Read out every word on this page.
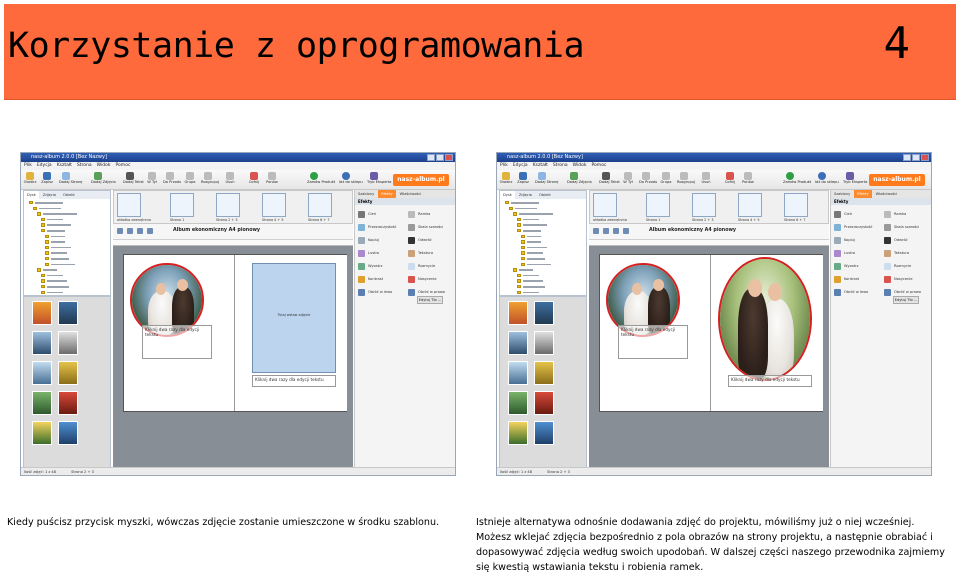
Korzystanie z oprogramowania	4
nasz-album 2.0.0 [Bez Nazwy]
Plik Edycja Kształt Strona Widok Pomoc
Otwórz	Zapisz	Dodaj Stronę Dodaj Zdjęcia Dodaj Tekst W Tył	Do Przodu Grupa	Rozgrupuj	Usuń	Cofnij	Ponów	Zamów Produkt Idź do sklepu Tryb Eksperta nasz-album.pl
Dysk	Zdjęcia	Obiekt
okładka zewnętrzna	Strona 1	Strona 2 + 3	Strona 4 + 5	Strona 6 + 7
Album ekonomiczny A4 pionowy
Kliknij dwa razy dla edycji tekstu
Tutaj wstaw zdjęcie
Kliknij dwa razy dla edycji tekstu
Szablony	Efekty	Właściwości
Efekty
Cień	Ramka
Przezroczystość	Skala szarości
Kopiuj	Odwróć
Lustro	Tekstura
Wyostrz	Rozmycie
Kontrast	Nasycenie
Obróć w lewo	Obróć w prawo
Edytuj Tło ...
Ilość zdjęć: 1 z 48	Strona 2 + 3
nasz-album 2.0.0 [Bez Nazwy]
Plik Edycja Kształt Strona Widok Pomoc
Otwórz	Zapisz	Dodaj Stronę Dodaj Zdjęcia Dodaj Tekst W Tył	Do Przodu Grupa	Rozgrupuj	Usuń	Cofnij	Ponów	Zamów Produkt Idź do sklepu Tryb Eksperta nasz-album.pl
Dysk	Zdjęcia	Obiekt
okładka zewnętrzna	Strona 1	Strona 2 + 3	Strona 4 + 5	Strona 6 + 7
Album ekonomiczny A4 pionowy
Kliknij dwa razy dla edycji tekstu
Kliknij dwa razy dla edycji tekstu
Szablony	Efekty	Właściwości
Efekty
Cień	Ramka
Przezroczystość	Skala szarości
Kopiuj	Odwróć
Lustro	Tekstura
Wyostrz	Rozmycie
Kontrast	Nasycenie
Obróć w lewo	Obróć w prawo
Edytuj Tło ...
Ilość zdjęć: 1 z 48	Strona 2 + 3
Kiedy puścisz przycisk myszki, wówczas zdjęcie zostanie umieszczone w środku szablonu.	Istnieje alternatywa odnośnie dodawania zdjęć do projektu, mówiliśmy już o niej wcześniej.
Możesz wklejać zdjęcia bezpośrednio z pola obrazów na strony projektu, a następnie obrabiać i
dopasowywać zdjęcia według swoich upodobań. W dalszej części naszego przewodnika zajmiemy
się kwestią wstawiania tekstu i robienia ramek.
